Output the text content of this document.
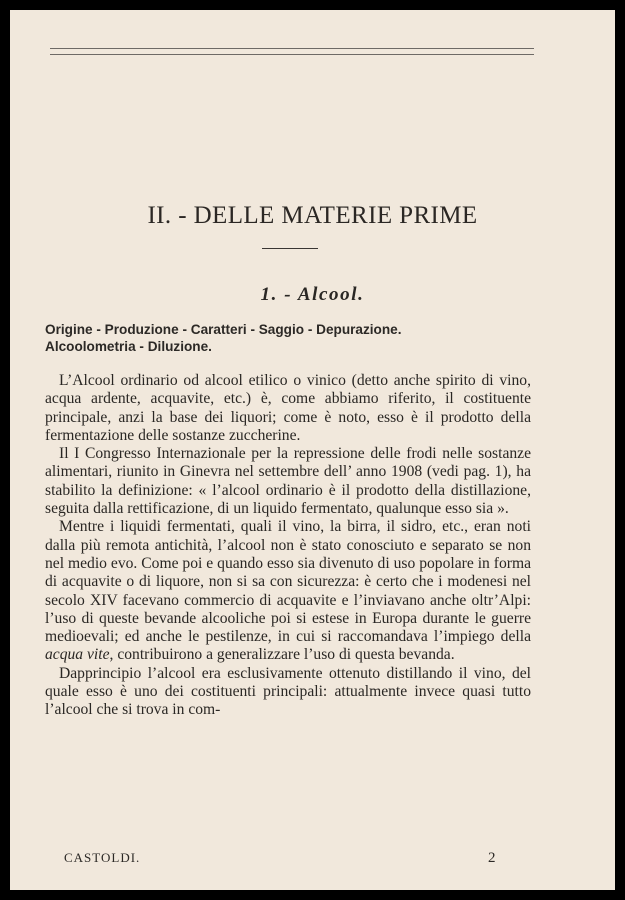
II. - DELLE MATERIE PRIME
1. - Alcool.
Origine - Produzione - Caratteri - Saggio - Depurazione. Alcoolometria - Diluzione.

L’Alcool ordinario od alcool etilico o vinico (detto anche spirito di vino, acqua ardente, acquavite, etc.) è, come abbiamo riferito, il costituente principale, anzi la base dei liquori; come è noto, esso è il prodotto della fermentazione delle sostanze zuccherine.

Il I Congresso Internazionale per la repressione delle frodi nelle sostanze alimentari, riunito in Ginevra nel settembre dell’ anno 1908 (vedi pag. 1), ha stabilito la definizione: « l’alcool ordinario è il prodotto della distillazione, seguita dalla rettificazione, di un liquido fermentato, qualunque esso sia ».

Mentre i liquidi fermentati, quali il vino, la birra, il sidro, etc., eran noti dalla più remota antichità, l’alcool non è stato conosciuto e separato se non nel medio evo. Come poi e quando esso sia divenuto di uso popolare in forma di acquavite o di liquore, non si sa con sicurezza: è certo che i modenesi nel secolo XIV facevano commercio di acquavite e l’inviavano anche oltr’Alpi: l’uso di queste bevande alcooliche poi si estese in Europa durante le guerre medioevali; ed anche le pestilenze, in cui si raccomandava l’impiego della acqua vite, contribuirono a generalizzare l’uso di questa bevanda.

Dapprincipio l’alcool era esclusivamente ottenuto distillando il vino, del quale esso è uno dei costituenti principali: attualmente invece quasi tutto l’alcool che si trova in com-

CASTOLDI.	2
